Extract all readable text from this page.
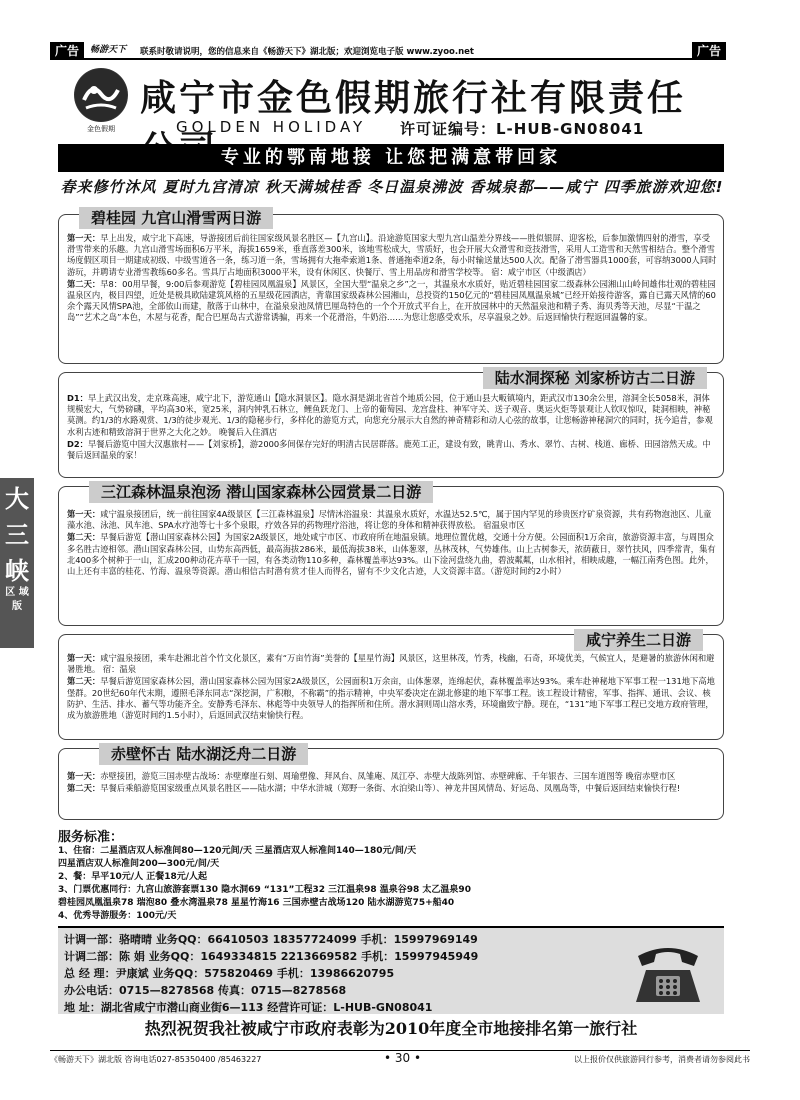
广告	畅游天下 联系时敬请说明，您的信息来自《畅游天下》湖北版；欢迎浏览电子版 www.zyoo.net	广告
金色假期
咸宁市金色假期旅行社有限责任
GOLDEN HOLIDAY 许可证编号：L-HUB-GN08041
专业的鄂南地接 让您把满意带回家
春来修竹沐风 夏时九宫清凉 秋天满城桂香 冬日温泉沸波 香城泉都——咸宁 四季旅游欢迎您!
大
三
峡
区 域 版
碧桂园 九宫山滑雪两日游
第一天：早上出发，咸宁北下高速，导游接团后前往国家级风景名胜区—【九宫山】。沿途游览国家大型九宫山温差分界线——胜似银屏、迎客松，后参加激情四射的滑雪，享受滑雪带来的乐趣。九宫山滑雪场面积6万平米，海拔1659米，垂直落差300米，该地雪松成大，雪质好，也会开展大众滑雪和竞技滑雪，采用人工造雪和天然雪相结合。整个滑雪场度假区项目一期建成初级、中级雪道各一条，练习道一条，雪场拥有大拖牵索道1条、普通拖牵道2条，每小时输送量达500人次。配备了滑雪器具1000套，可容纳3000人同时游玩，并聘请专业滑雪教练60多名。雪具厅占地面积3000平米，设有休闲区、快餐厅、雪上用品房和滑雪学校等。 宿：咸宁市区（中级酒店）
第二天：早8：00用早餐，9:00后参观游览【碧桂园凤凰温泉】风景区，全国大型“温泉之乡”之一，其温泉水水质好，贴近碧桂园国家二级森林公园湘山山岭间雄伟壮观的碧桂园温泉区内，极目四望，近处是极具欧陆建筑风格的五星级花园酒店，背靠国家级森林公园湘山，总投资约150亿元的“碧桂园凤凰温泉城”已经开始接待游客，露自已露天风情的60余个露天风情SPA池，全部依山而建，散落于山林中，在溢泉泉池凤情巴厘岛特色的一个个开放式平台上，在开放园林中的天然温泉池和精子秀、海贝秀等天池，尽显“干温之岛”“艺术之岛”本色，木屋与花香，配合巴厘岛古式游常诱骗，再来一个花滑浴，牛奶浴……为您让您感受欢乐，尽享温泉之妙。后返回愉快行程返回温馨的家。
陆水洞探秘 刘家桥访古二日游
D1：早上武汉出发，走京珠高速，咸宁北下，游览通山【隐水洞景区】。隐水洞是湖北省首个地质公园，位于通山县大畈镇境内，距武汉市130余公里，溶洞全长5058米，洞体规模宏大，气势磅礴，平均高30米，宽25米，洞内钟乳石林立，鲤鱼跃龙门、上帝的葡萄园、龙宫盘柱、神军守关、送子观音、奥运火炬等景观让人钦叹惊叹，陡洞相映，神秘莫测。约1/3的水路观赏、1/3的徒步观光、1/3的隐秘步行，多样化的游览方式，向您充分展示大自然的神奇精彩和动人心弦的故事，让您畅游神秘洞穴的同时，抚今追昔，参观水利古迹和精致溶洞于世界之大化之妙。 晚餐后入住酒店
D2：早餐后游览中国大汉惠旅村——【刘家桥】，游2000多间保存完好的明清古民居群落。鹿苑工正，建设有致，眺青山、秀水、翠竹、古树、栈道、廊桥、田园溶然天成。中餐后返回温泉的家！
三江森林温泉泡汤 潜山国家森林公园赏景二日游
第一天：咸宁温泉接团后，统一前往国家4A级景区【三江森林温泉】尽情沐浴温泉：其温泉水质好，水温达52.5℃，属于国内罕见的珍贵医疗矿泉资源，共有药物泡池区、儿童藻水池、泳池、风车池、SPA水疗池等七十多个泉眼，疗效各异的药物理疗浴池，将让您的身体和精神获得放松。 宿温泉市区
第二天：早餐后游览【潜山国家森林公园】为国家2A级景区，地处咸宁市区、市政府所在地温泉镇。地理位置优越，交通十分方便。公园面积1万余亩，旅游资源丰富，与周围众多名胜古迹相邻。潜山国家森林公园，山势东高西低，最高海拔286米，最低海拔38米，山体葱翠，丛林茂林，气势雄伟。山上古树参天，浓荫蔽日，翠竹扶风，四季常青，集有北400多个树种于一山，汇成200种动花卉草千一园，有各类动物110多种，森林覆盖率达93%。山下淦河盘绕九曲，碧波粼粼，山水相衬，相映成趣，一幅江南秀色图。此外，山上还有丰富的桂花、竹海、温泉等资源。潜山相信古时潜有赏才佳人而得名，留有不少文化古迹，人文资源丰富。（游览时间约2小时）
咸宁养生二日游
第一天：咸宁温泉接团，乘车赴湘北首个竹文化景区，素有“万亩竹海”美誉的【星星竹海】风景区，这里林茂，竹秀，栈幽，石奇，环境优美，气候宜人，是避暑的旅游休闲和避暑胜地。 宿：温泉
第二天：早餐后游览国家森林公园，潜山国家森林公园为国家2A级景区，公园面积1万余亩，山体葱翠，连绵起伏，森林覆盖率达93%。乘车赴神秘地下军事工程一131地下高地堡群。20世纪60年代末期，遵照毛泽东同志“深挖洞，广积粮，不称霸”的指示精神，中央军委决定在湖北修建的地下军事工程。该工程设计精密，军事、指挥、通讯、会议、核防护、生活、排水、蓄气等功能齐全。安静秀毛泽东、林彪等中央领导人的指挥所和住所。潜水洞则周山溶水秀，环境幽致宁静。现在，“131”地下军事工程已交地方政府管理，成为旅游胜地（游览时间约1.5小时），后返回武汉结束愉快行程。
赤壁怀古 陆水湖泛舟二日游
第一天：赤壁接团，游览三国赤壁古战场：赤壁摩崖石刻、周瑜塑像、拜风台、凤雏庵、凤江亭、赤壁大战陈列馆、赤壁碑廊、千年银杏、三国车道图等 晚宿赤壁市区
第二天：早餐后乘船游览国家级重点风景名胜区——陆水湖；中华水浒城（郑野一条街、水泊梁山等）、神龙井国风情岛、好运岛、凤凰岛等，中餐后返回结束愉快行程!
服务标准：
1、住宿：二星酒店双人标准间80—120元间/天 三星酒店双人标准间140—180元/间/天
四星酒店双人标准间200—300元/间/天
2、餐：早平10元/人 正餐18元/人起
3、门票优惠同行：九宫山旅游套票130 隐水洞69 “131”工程32 三江温泉98 温泉谷98 太乙温泉90
碧桂园凤凰温泉78 瑞泡80 叠水湾温泉78 星星竹海16 三国赤壁古战场120 陆水湖游览75+船40
4、优秀导游服务：100元/天
计调一部：骆晴晴 业务QQ：66410503 18357724099 手机：15997969149
计调二部：陈 娟 业务QQ：1649334815 2213669582 手机：15997945949
总 经 理：尹康斌 业务QQ：575820469 手机：13986620795
办公电话：0715—8278568 传真：0715—8278568
地 址：湖北省咸宁市潜山商业街6—113 经营许可证：L-HUB-GN08041
热烈祝贺我社被咸宁市政府表彰为2010年度全市地接排名第一旅行社
《畅游天下》湖北版 咨询电话027-85350400 /85463227	• 30 •	以上报价仅供旅游同行参考，消费者请勿参阅此书
